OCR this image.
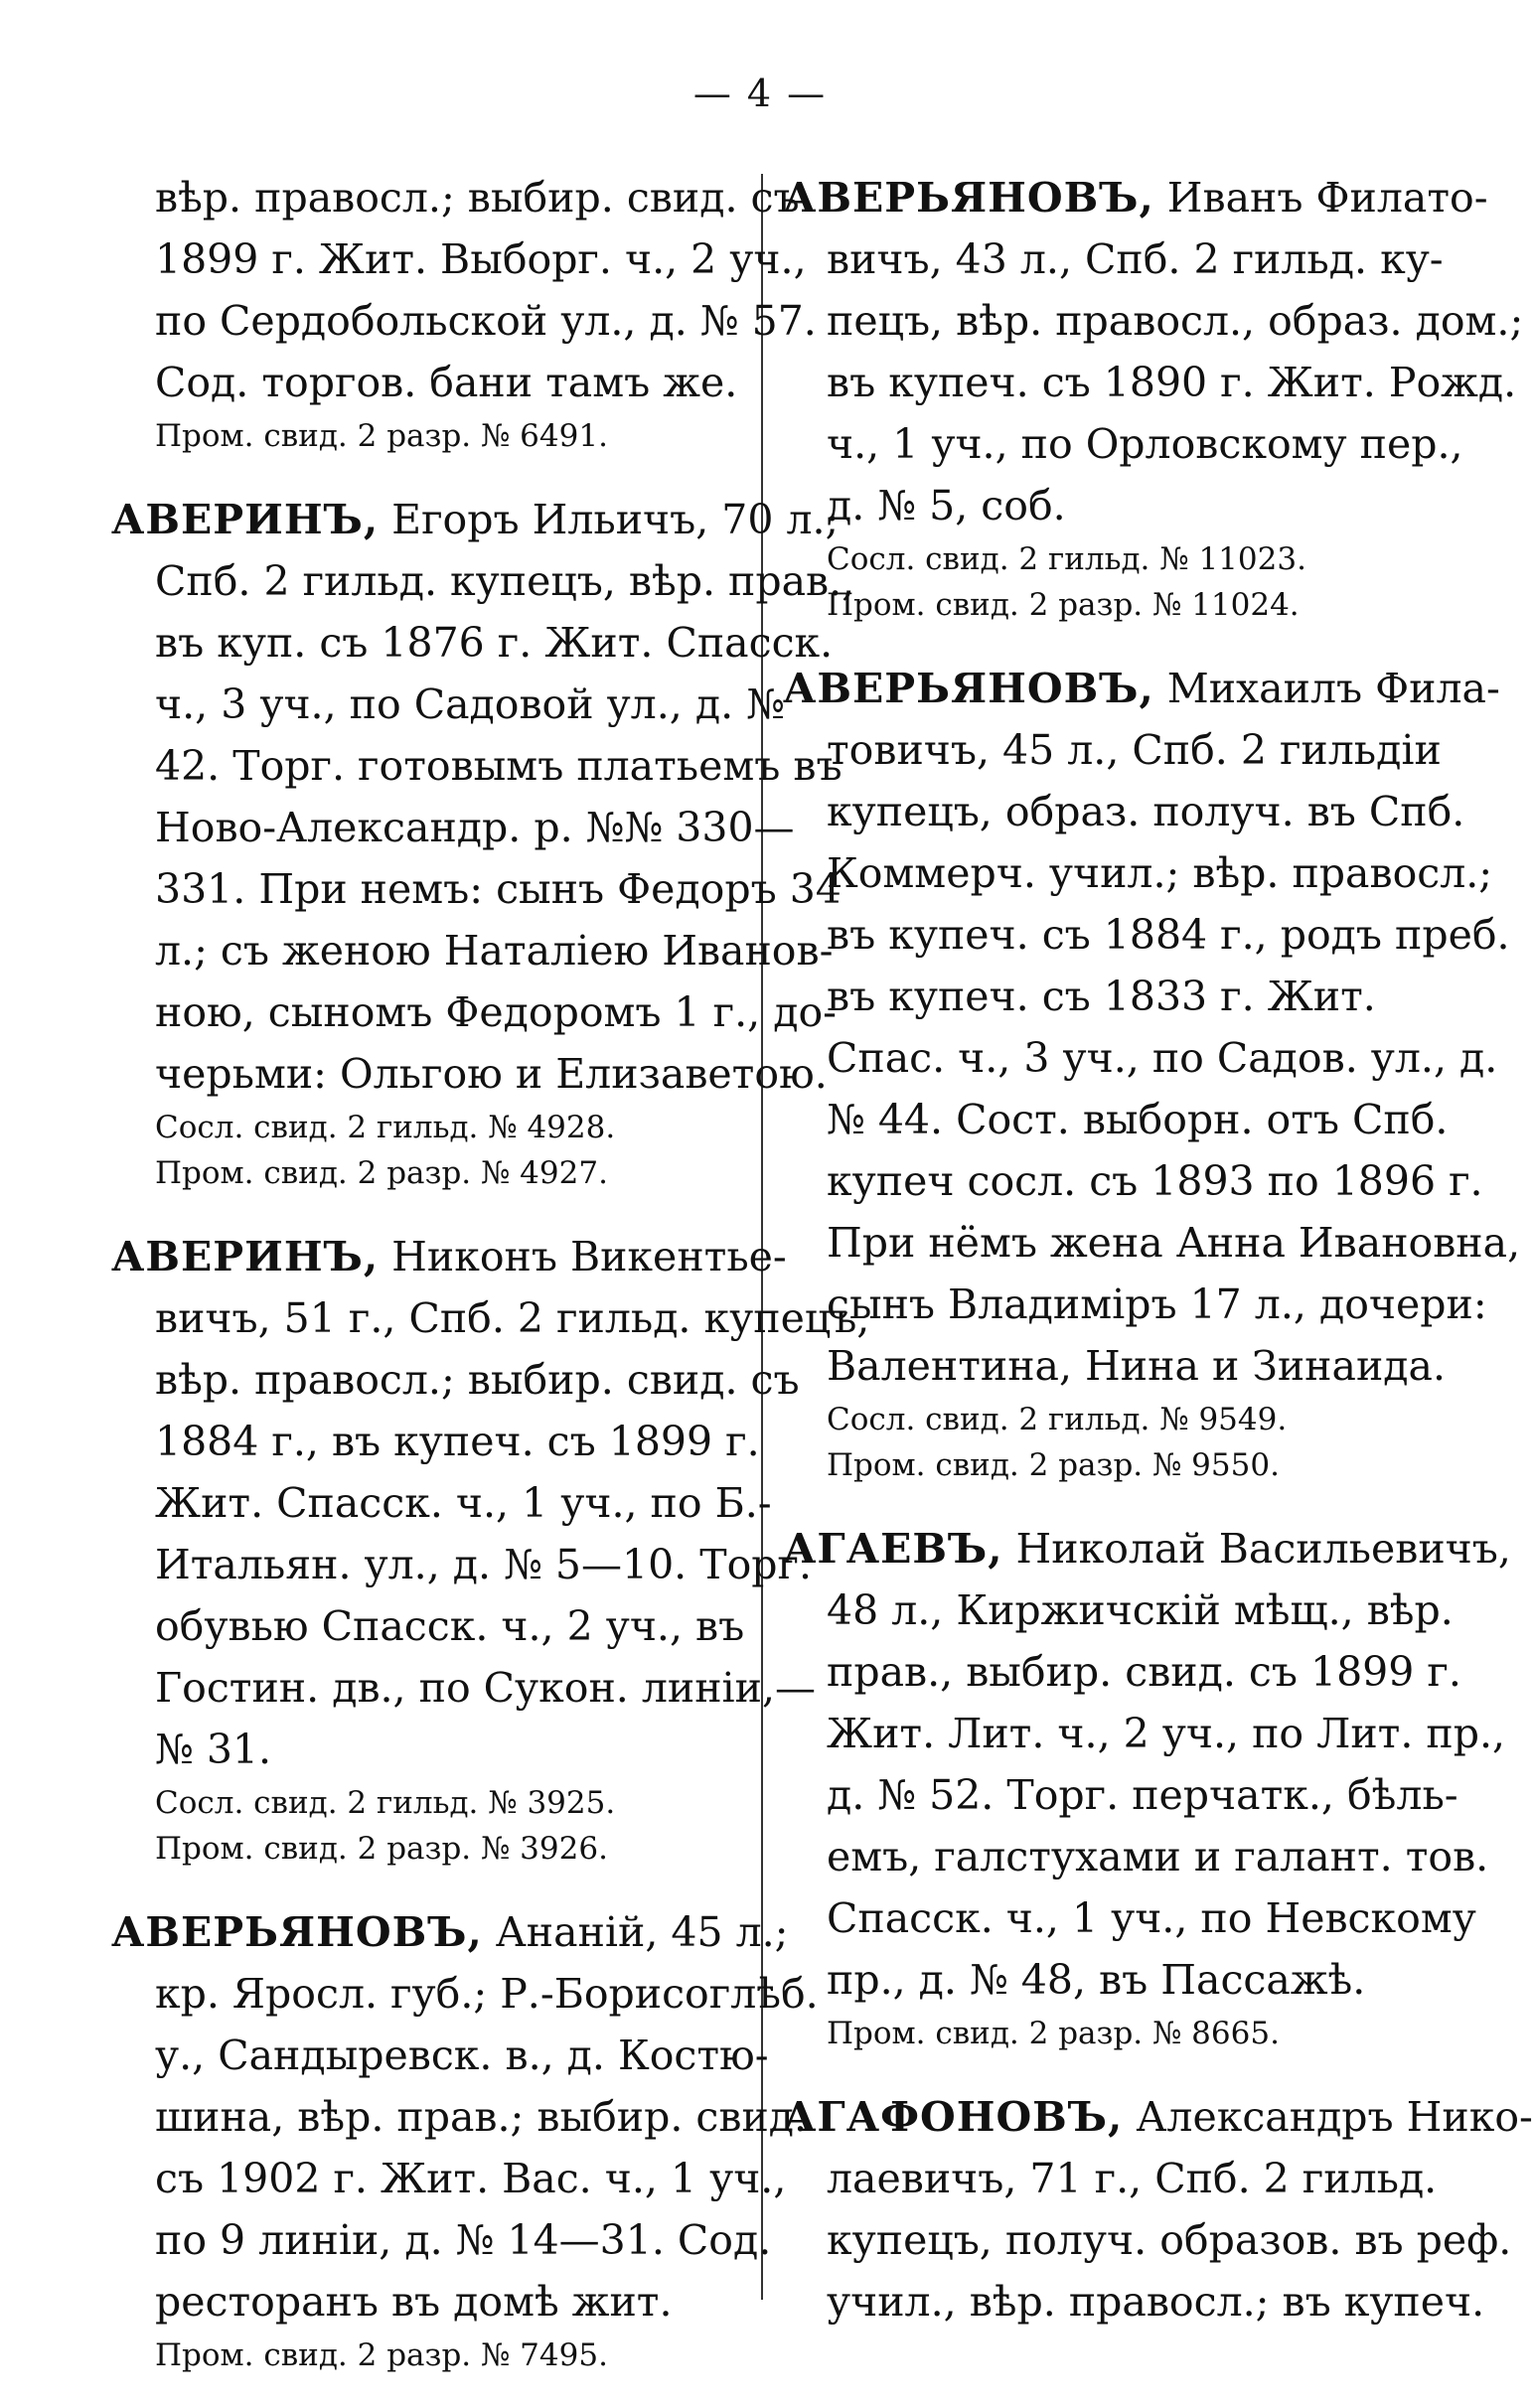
— 4 —
вѣр. правосл.; выбир. свид. съ
1899 г. Жит. Выборг. ч., 2 уч.,
по Сердобольской ул., д. № 57.
Сод. торгов. бани тамъ же.
Пром. свид. 2 разр. № 6491.
АВЕРИНЪ, Егоръ Ильичъ, 70 л.;
Спб. 2 гильд. купецъ, вѣр. прав.,
въ куп. съ 1876 г. Жит. Спасск.
ч., 3 уч., по Садовой ул., д. №
42. Торг. готовымъ платьемъ въ
Ново-Александр. р. №№ 330—
331. При немъ: сынъ Федоръ 34
л.; съ женою Наталіею Иванов-
ною, сыномъ Федоромъ 1 г., до-
черьми: Ольгою и Елизаветою.
Сосл. свид. 2 гильд. № 4928.
Пром. свид. 2 разр. № 4927.
АВЕРИНЪ, Никонъ Викентье-
вичъ, 51 г., Спб. 2 гильд. купецъ,
вѣр. правосл.; выбир. свид. съ
1884 г., въ купеч. съ 1899 г.
Жит. Спасск. ч., 1 уч., по Б.-
Итальян. ул., д. № 5—10. Торг.
обувью Спасск. ч., 2 уч., въ
Гостин. дв., по Сукон. линіи,—
№ 31.
Сосл. свид. 2 гильд. № 3925.
Пром. свид. 2 разр. № 3926.
АВЕРЬЯНОВЪ, Ананій, 45 л.;
кр. Яросл. губ.; Р.-Борисоглѣб.
у., Сандыревск. в., д. Костю-
шина, вѣр. прав.; выбир. свид.
съ 1902 г. Жит. Вас. ч., 1 уч.,
по 9 линіи, д. № 14—31. Сод.
ресторанъ въ домѣ жит.
Пром. свид. 2 разр. № 7495.
АВЕРЬЯНОВЪ, Иванъ Филато-
вичъ, 43 л., Спб. 2 гильд. ку-
пецъ, вѣр. правосл., образ. дом.;
въ купеч. съ 1890 г. Жит. Рожд.
ч., 1 уч., по Орловскому пер.,
д. № 5, соб.
Сосл. свид. 2 гильд. № 11023.
Пром. свид. 2 разр. № 11024.
АВЕРЬЯНОВЪ, Михаилъ Фила-
товичъ, 45 л., Спб. 2 гильдіи
купецъ, образ. получ. въ Спб.
Коммерч. учил.; вѣр. правосл.;
въ купеч. съ 1884 г., родъ преб.
въ купеч. съ 1833 г. Жит.
Спас. ч., 3 уч., по Садов. ул., д.
№ 44. Сост. выборн. отъ Спб.
купеч сосл. съ 1893 по 1896 г.
При нёмъ жена Анна Ивановна,
сынъ Владиміръ 17 л., дочери:
Валентина, Нина и Зинаида.
Сосл. свид. 2 гильд. № 9549.
Пром. свид. 2 разр. № 9550.
АГАЕВЪ, Николай Васильевичъ,
48 л., Киржичскій мѣщ., вѣр.
прав., выбир. свид. съ 1899 г.
Жит. Лит. ч., 2 уч., по Лит. пр.,
д. № 52. Торг. перчатк., бѣль-
емъ, галстухами и галант. тов.
Спасск. ч., 1 уч., по Невскому
пр., д. № 48, въ Пассажѣ.
Пром. свид. 2 разр. № 8665.
АГАФОНОВЪ, Александръ Нико-
лаевичъ, 71 г., Спб. 2 гильд.
купецъ, получ. образов. въ реф.
учил., вѣр. правосл.; въ купеч.
